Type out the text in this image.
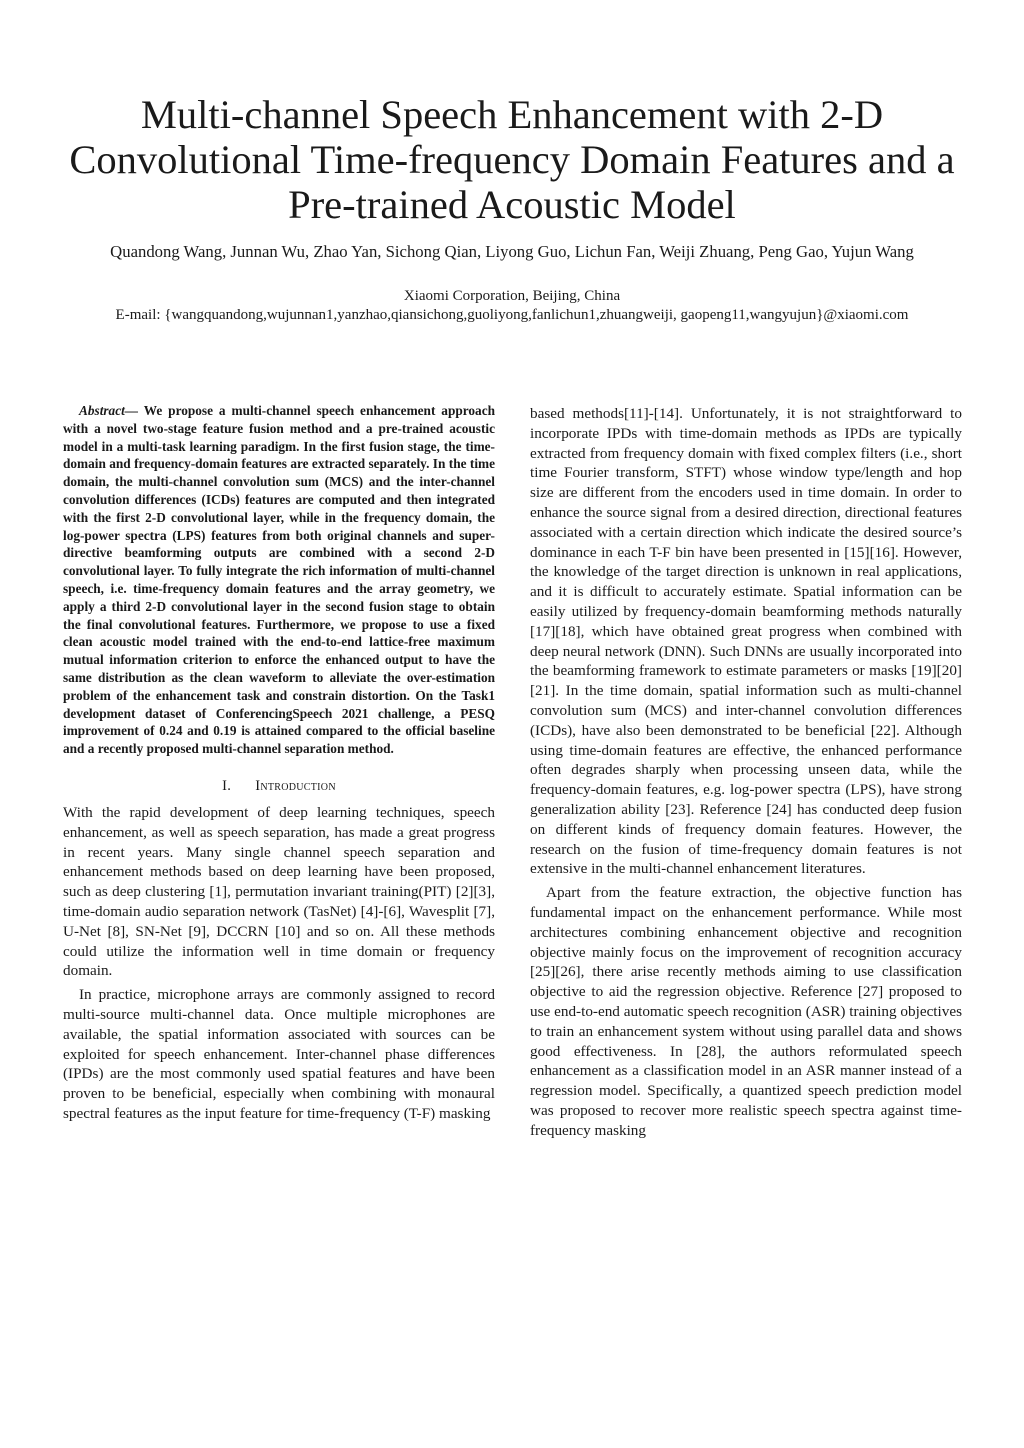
Multi-channel Speech Enhancement with 2-D Convolutional Time-frequency Domain Features and a Pre-trained Acoustic Model

Quandong Wang, Junnan Wu, Zhao Yan, Sichong Qian, Liyong Guo, Lichun Fan, Weiji Zhuang, Peng Gao, Yujun Wang

Xiaomi Corporation, Beijing, China

E-mail: {wangquandong,wujunnan1,yanzhao,qiansichong,guoliyong,fanlichun1,zhuangweiji, gaopeng11,wangyujun}@xiaomi.com

Abstract— We propose a multi-channel speech enhancement approach with a novel two-stage feature fusion method and a pre-trained acoustic model in a multi-task learning paradigm. In the first fusion stage, the time-domain and frequency-domain features are extracted separately. In the time domain, the multi-channel convolution sum (MCS) and the inter-channel convolution differences (ICDs) features are computed and then integrated with the first 2-D convolutional layer, while in the frequency domain, the log-power spectra (LPS) features from both original channels and super-directive beamforming outputs are combined with a second 2-D convolutional layer. To fully integrate the rich information of multi-channel speech, i.e. time-frequency domain features and the array geometry, we apply a third 2-D convolutional layer in the second fusion stage to obtain the final convolutional features. Furthermore, we propose to use a fixed clean acoustic model trained with the end-to-end lattice-free maximum mutual information criterion to enforce the enhanced output to have the same distribution as the clean waveform to alleviate the over-estimation problem of the enhancement task and constrain distortion. On the Task1 development dataset of ConferencingSpeech 2021 challenge, a PESQ improvement of 0.24 and 0.19 is attained compared to the official baseline and a recently proposed multi-channel separation method.

I. Introduction

With the rapid development of deep learning techniques, speech enhancement, as well as speech separation, has made a great progress in recent years. Many single channel speech separation and enhancement methods based on deep learning have been proposed, such as deep clustering [1], permutation invariant training(PIT) [2][3], time-domain audio separation network (TasNet) [4]-[6], Wavesplit [7], U-Net [8], SN-Net [9], DCCRN [10] and so on. All these methods could utilize the information well in time domain or frequency domain.

In practice, microphone arrays are commonly assigned to record multi-source multi-channel data. Once multiple microphones are available, the spatial information associated with sources can be exploited for speech enhancement. Inter-channel phase differences (IPDs) are the most commonly used spatial features and have been proven to be beneficial, especially when combining with monaural spectral features as the input feature for time-frequency (T-F) masking

based methods[11]-[14]. Unfortunately, it is not straightforward to incorporate IPDs with time-domain methods as IPDs are typically extracted from frequency domain with fixed complex filters (i.e., short time Fourier transform, STFT) whose window type/length and hop size are different from the encoders used in time domain. In order to enhance the source signal from a desired direction, directional features associated with a certain direction which indicate the desired source’s dominance in each T-F bin have been presented in [15][16]. However, the knowledge of the target direction is unknown in real applications, and it is difficult to accurately estimate. Spatial information can be easily utilized by frequency-domain beamforming methods naturally [17][18], which have obtained great progress when combined with deep neural network (DNN). Such DNNs are usually incorporated into the beamforming framework to estimate parameters or masks [19][20][21]. In the time domain, spatial information such as multi-channel convolution sum (MCS) and inter-channel convolution differences (ICDs), have also been demonstrated to be beneficial [22]. Although using time-domain features are effective, the enhanced performance often degrades sharply when processing unseen data, while the frequency-domain features, e.g. log-power spectra (LPS), have strong generalization ability [23]. Reference [24] has conducted deep fusion on different kinds of frequency domain features. However, the research on the fusion of time-frequency domain features is not extensive in the multi-channel enhancement literatures.

Apart from the feature extraction, the objective function has fundamental impact on the enhancement performance. While most architectures combining enhancement objective and recognition objective mainly focus on the improvement of recognition accuracy [25][26], there arise recently methods aiming to use classification objective to aid the regression objective. Reference [27] proposed to use end-to-end automatic speech recognition (ASR) training objectives to train an enhancement system without using parallel data and shows good effectiveness. In [28], the authors reformulated speech enhancement as a classification model in an ASR manner instead of a regression model. Specifically, a quantized speech prediction model was proposed to recover more realistic speech spectra against time-frequency masking
